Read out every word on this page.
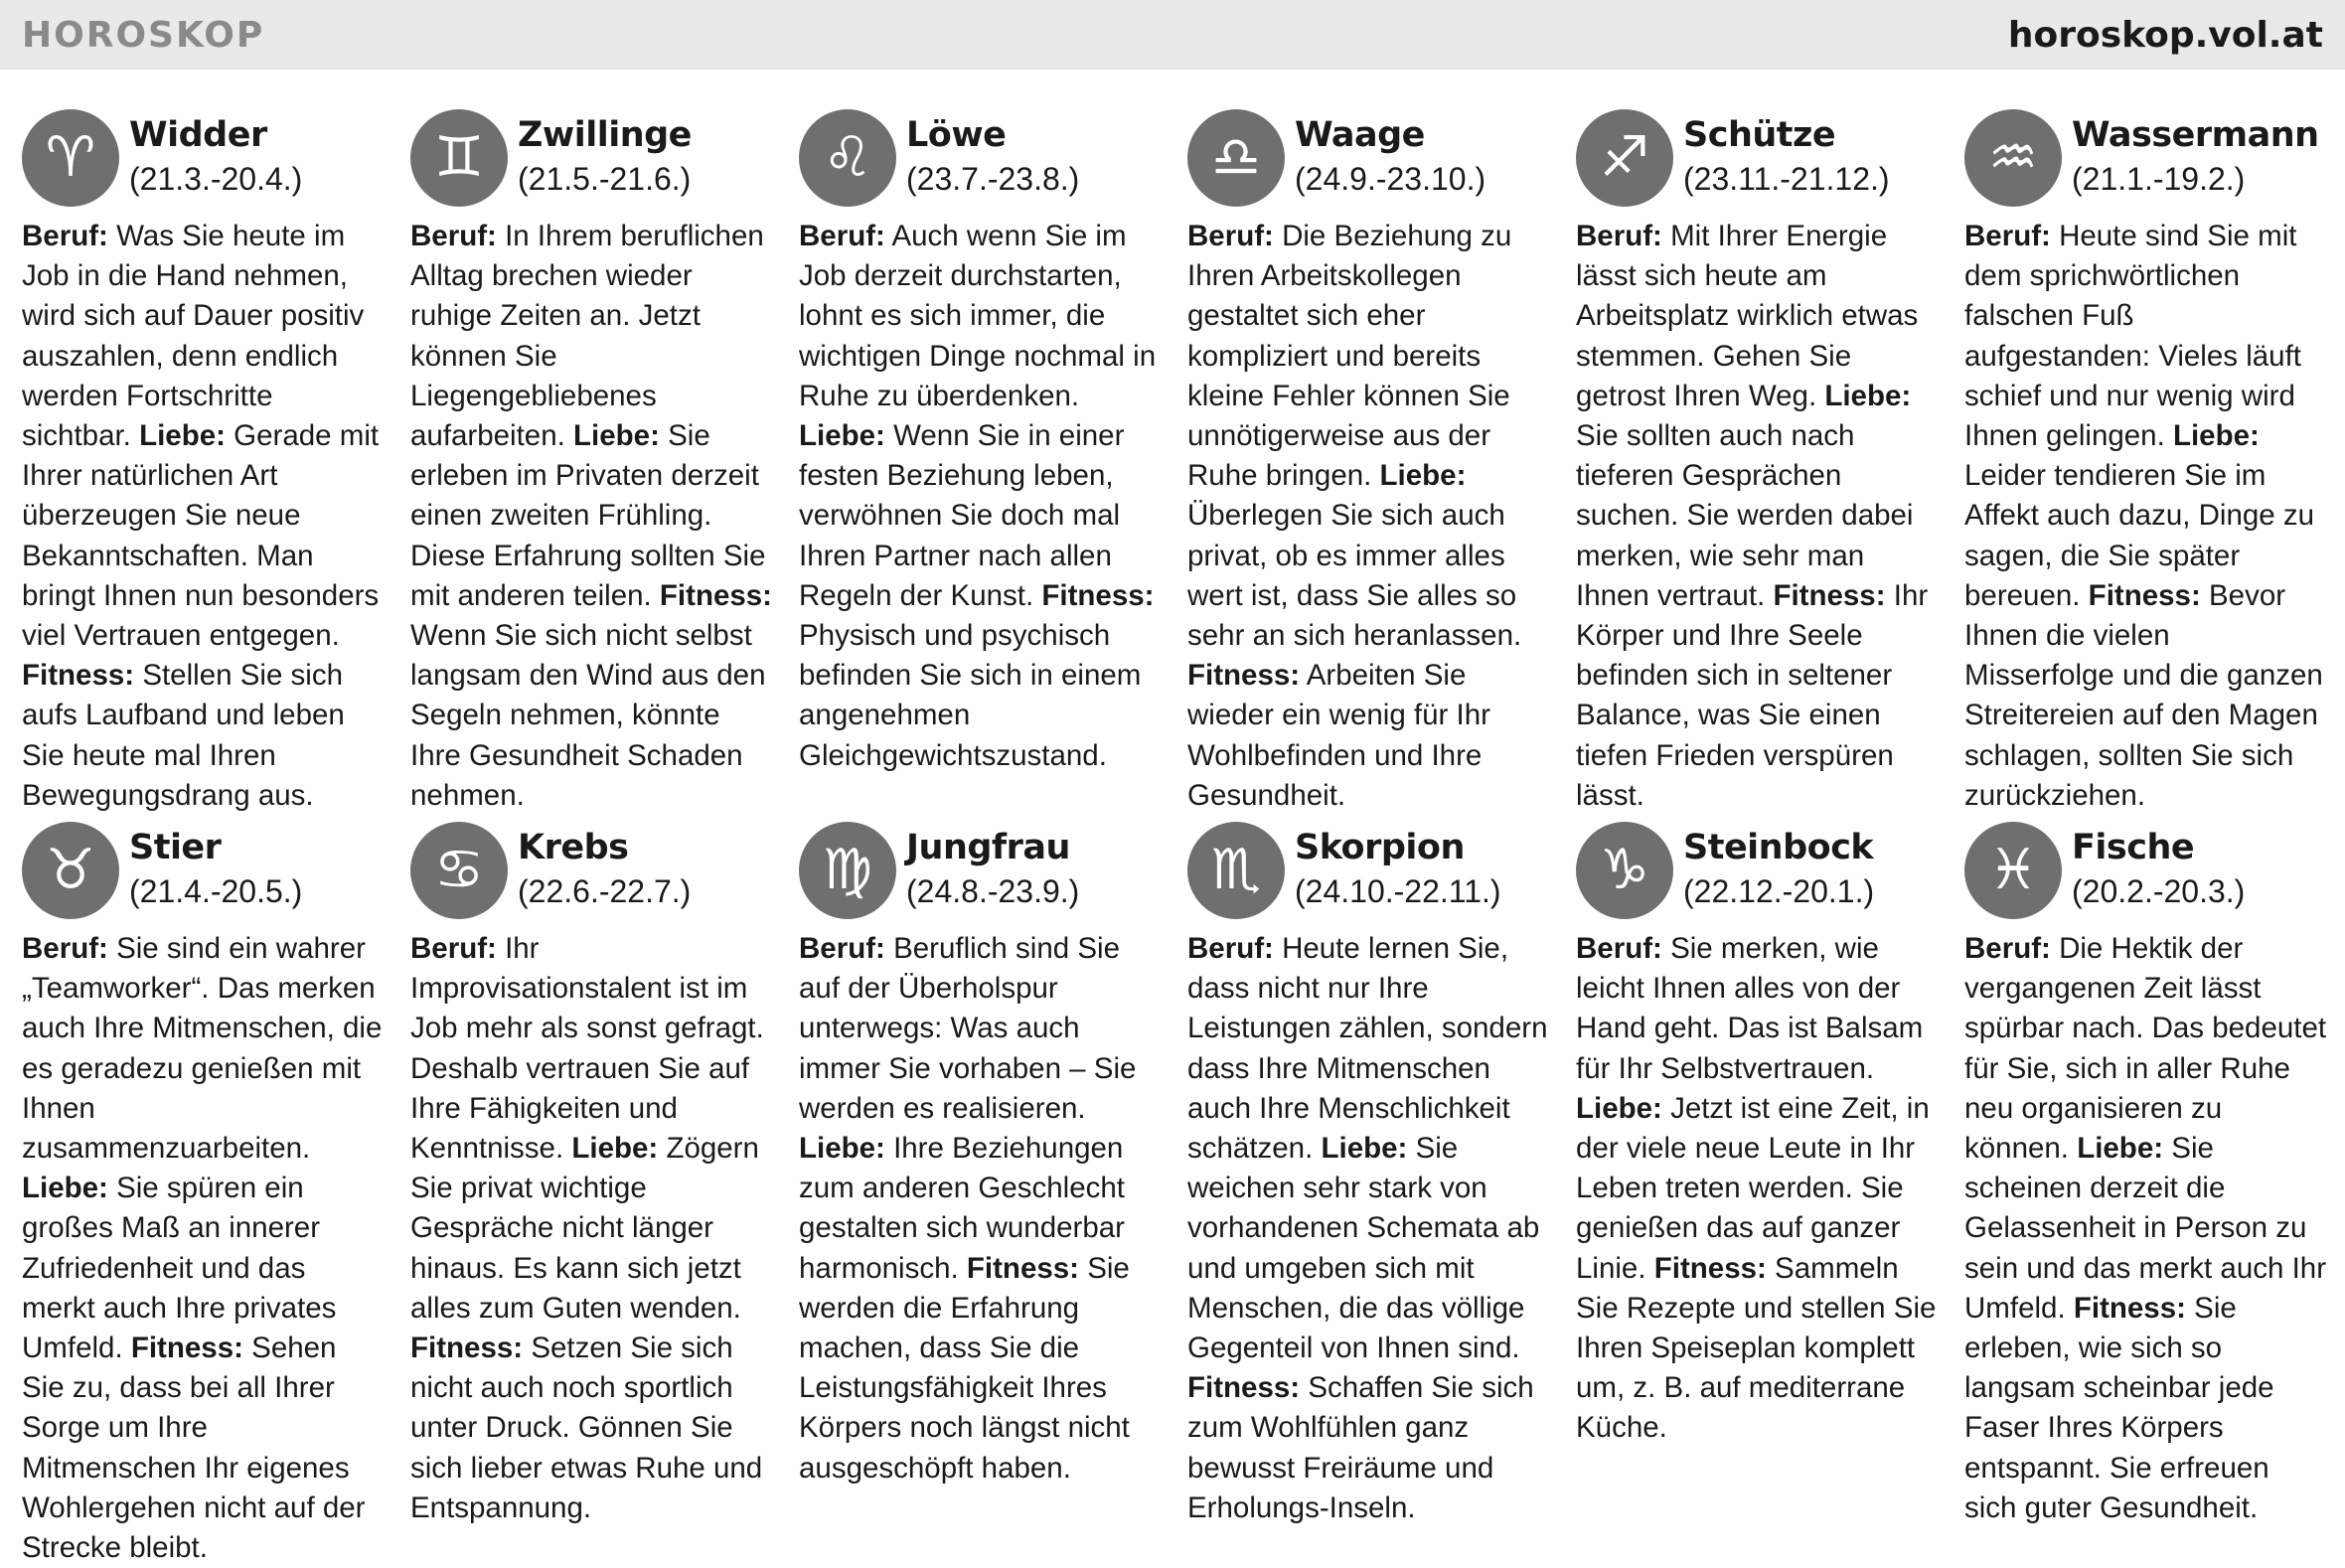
HOROSKOP	horoskop.vol.at
♈ Widder
(21.3.-20.4.)
Beruf: Was Sie heute im Job in die Hand nehmen, wird sich auf Dauer positiv auszahlen, denn endlich werden Fortschritte sichtbar. Liebe: Gerade mit Ihrer natürlichen Art überzeugen Sie neue Bekanntschaften. Man bringt Ihnen nun besonders viel Vertrauen entgegen. Fitness: Stellen Sie sich aufs Laufband und leben Sie heute mal Ihren Bewegungsdrang aus.
♊ Zwillinge
(21.5.-21.6.)
Beruf: In Ihrem beruflichen Alltag brechen wieder ruhige Zeiten an. Jetzt können Sie Liegengebliebenes aufarbeiten. Liebe: Sie erleben im Privaten derzeit einen zweiten Frühling. Diese Erfahrung sollten Sie mit anderen teilen. Fitness: Wenn Sie sich nicht selbst langsam den Wind aus den Segeln nehmen, könnte Ihre Gesundheit Schaden nehmen.
♌ Löwe
(23.7.-23.8.)
Beruf: Auch wenn Sie im Job derzeit durchstarten, lohnt es sich immer, die wichtigen Dinge nochmal in Ruhe zu überdenken. Liebe: Wenn Sie in einer festen Beziehung leben, verwöhnen Sie doch mal Ihren Partner nach allen Regeln der Kunst. Fitness: Physisch und psychisch befinden Sie sich in einem angenehmen Gleichgewichtszustand.
♎ Waage
(24.9.-23.10.)
Beruf: Die Beziehung zu Ihren Arbeitskollegen gestaltet sich eher kompliziert und bereits kleine Fehler können Sie unnötigerweise aus der Ruhe bringen. Liebe: Überlegen Sie sich auch privat, ob es immer alles wert ist, dass Sie alles so sehr an sich heranlassen. Fitness: Arbeiten Sie wieder ein wenig für Ihr Wohlbefinden und Ihre Gesundheit.
♐ Schütze
(23.11.-21.12.)
Beruf: Mit Ihrer Energie lässt sich heute am Arbeitsplatz wirklich etwas stemmen. Gehen Sie getrost Ihren Weg. Liebe: Sie sollten auch nach tieferen Gesprächen suchen. Sie werden dabei merken, wie sehr man Ihnen vertraut. Fitness: Ihr Körper und Ihre Seele befinden sich in seltener Balance, was Sie einen tiefen Frieden verspüren lässt.
♒ Wassermann
(21.1.-19.2.)
Beruf: Heute sind Sie mit dem sprichwörtlichen falschen Fuß aufgestanden: Vieles läuft schief und nur wenig wird Ihnen gelingen. Liebe: Leider tendieren Sie im Affekt auch dazu, Dinge zu sagen, die Sie später bereuen. Fitness: Bevor Ihnen die vielen Misserfolge und die ganzen Streitereien auf den Magen schlagen, sollten Sie sich zurückziehen.
♉ Stier
(21.4.-20.5.)
Beruf: Sie sind ein wahrer „Teamworker“. Das merken auch Ihre Mitmenschen, die es geradezu genießen mit Ihnen zusammenzuarbeiten. Liebe: Sie spüren ein großes Maß an innerer Zufriedenheit und das merkt auch Ihre privates Umfeld. Fitness: Sehen Sie zu, dass bei all Ihrer Sorge um Ihre Mitmenschen Ihr eigenes Wohlergehen nicht auf der Strecke bleibt.
♋ Krebs
(22.6.-22.7.)
Beruf: Ihr Improvisationstalent ist im Job mehr als sonst gefragt. Deshalb vertrauen Sie auf Ihre Fähigkeiten und Kenntnisse. Liebe: Zögern Sie privat wichtige Gespräche nicht länger hinaus. Es kann sich jetzt alles zum Guten wenden. Fitness: Setzen Sie sich nicht auch noch sportlich unter Druck. Gönnen Sie sich lieber etwas Ruhe und Entspannung.
♍ Jungfrau
(24.8.-23.9.)
Beruf: Beruflich sind Sie auf der Überholspur unterwegs: Was auch immer Sie vorhaben – Sie werden es realisieren. Liebe: Ihre Beziehungen zum anderen Geschlecht gestalten sich wunderbar harmonisch. Fitness: Sie werden die Erfahrung machen, dass Sie die Leistungsfähigkeit Ihres Körpers noch längst nicht ausgeschöpft haben.
♏ Skorpion
(24.10.-22.11.)
Beruf: Heute lernen Sie, dass nicht nur Ihre Leistungen zählen, sondern dass Ihre Mitmenschen auch Ihre Menschlichkeit schätzen. Liebe: Sie weichen sehr stark von vorhandenen Schemata ab und umgeben sich mit Menschen, die das völlige Gegenteil von Ihnen sind. Fitness: Schaffen Sie sich zum Wohlfühlen ganz bewusst Freiräume und Erholungs-Inseln.
♑ Steinbock
(22.12.-20.1.)
Beruf: Sie merken, wie leicht Ihnen alles von der Hand geht. Das ist Balsam für Ihr Selbstvertrauen. Liebe: Jetzt ist eine Zeit, in der viele neue Leute in Ihr Leben treten werden. Sie genießen das auf ganzer Linie. Fitness: Sammeln Sie Rezepte und stellen Sie Ihren Speiseplan komplett um, z. B. auf mediterrane Küche.
♓ Fische
(20.2.-20.3.)
Beruf: Die Hektik der vergangenen Zeit lässt spürbar nach. Das bedeutet für Sie, sich in aller Ruhe neu organisieren zu können. Liebe: Sie scheinen derzeit die Gelassenheit in Person zu sein und das merkt auch Ihr Umfeld. Fitness: Sie erleben, wie sich so langsam scheinbar jede Faser Ihres Körpers entspannt. Sie erfreuen sich guter Gesundheit.
